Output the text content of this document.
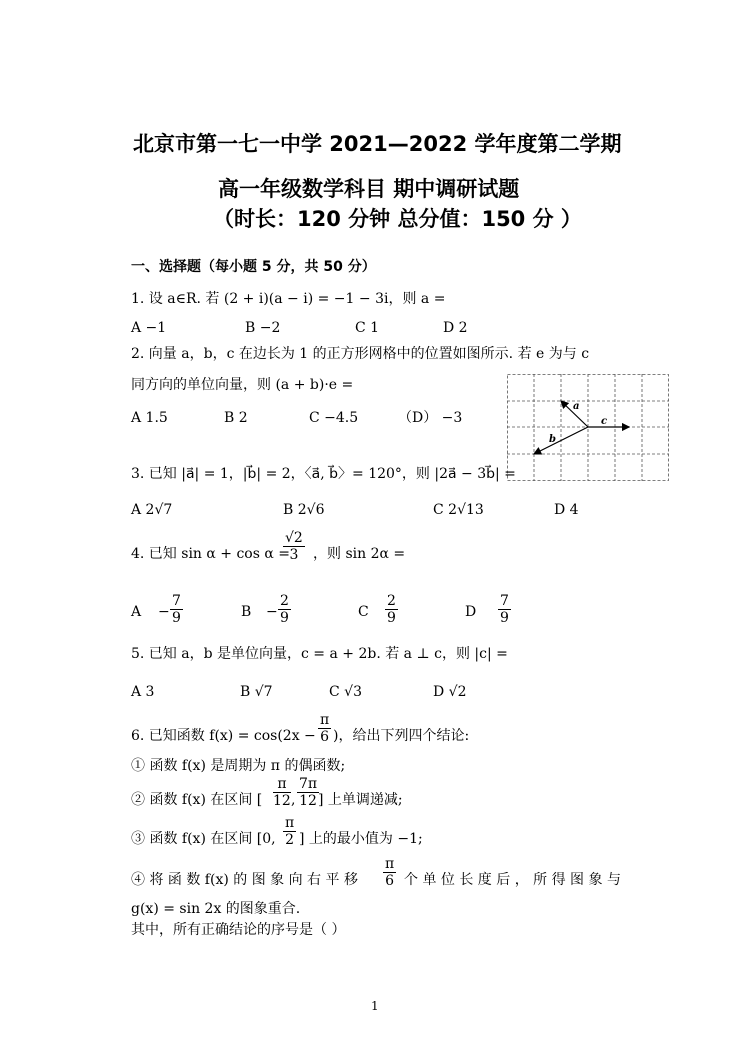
北京市第一七一中学 2021—2022 学年度第二学期
高一年级数学科目 期中调研试题
（时长：120 分钟 总分值：150 分 ）
一、选择题（每小题 5 分，共 50 分）
1. 设 a∈R. 若 (2 + i)(a − i) = −1 − 3i，则 a =
A −1	B −2	C 1	D 2
2. 向量 a，b，c 在边长为 1 的正方形网格中的位置如图所示. 若 e 为与 c
同方向的单位向量，则 (a + b)·e =
A 1.5	B 2	C −4.5	（D） −3
a
b
c
3. 已知 |a⃗| = 1，|b⃗| = 2，〈a⃗, b⃗〉= 120°，则 |2a⃗ − 3b⃗| =
A 2√7	B 2√6	C 2√13	D 4
4. 已知 sin α + cos α =
$\frac{√2}{3}$ ，则 sin 2α =
$A - \frac{7}{9}$	$B - \frac{2}{9}$	C $\frac{2}{9}$	D $\frac{7}{9}$
5. 已知 a，b 是单位向量，c = a + 2b. 若 a ⊥ c，则 |c| =
A 3	B √7	C √3	D √2
6. 已知函数 $f(x) = \cos(2x - \frac{\pi}{6}$ )，给出下列四个结论:
① 函数 f(x) 是周期为 π 的偶函数;
② 函数 f(x) 在区间 [ $\frac{\pi}{12}$ , $\frac{7\pi}{12}$
] 上单调递减;
③ 函数 f(x) 在区间 [0, $\frac{\pi}{2}$ ] 上的最小值为 −1;
④ 将 函 数 f(x) 的 图 象 向 右 平 移 $\frac{\pi}{6}$ 个 单 位 长 度 后 ， 所 得 图 象 与
g(x) = sin 2x 的图象重合.
其中，所有正确结论的序号是（ ）
1
